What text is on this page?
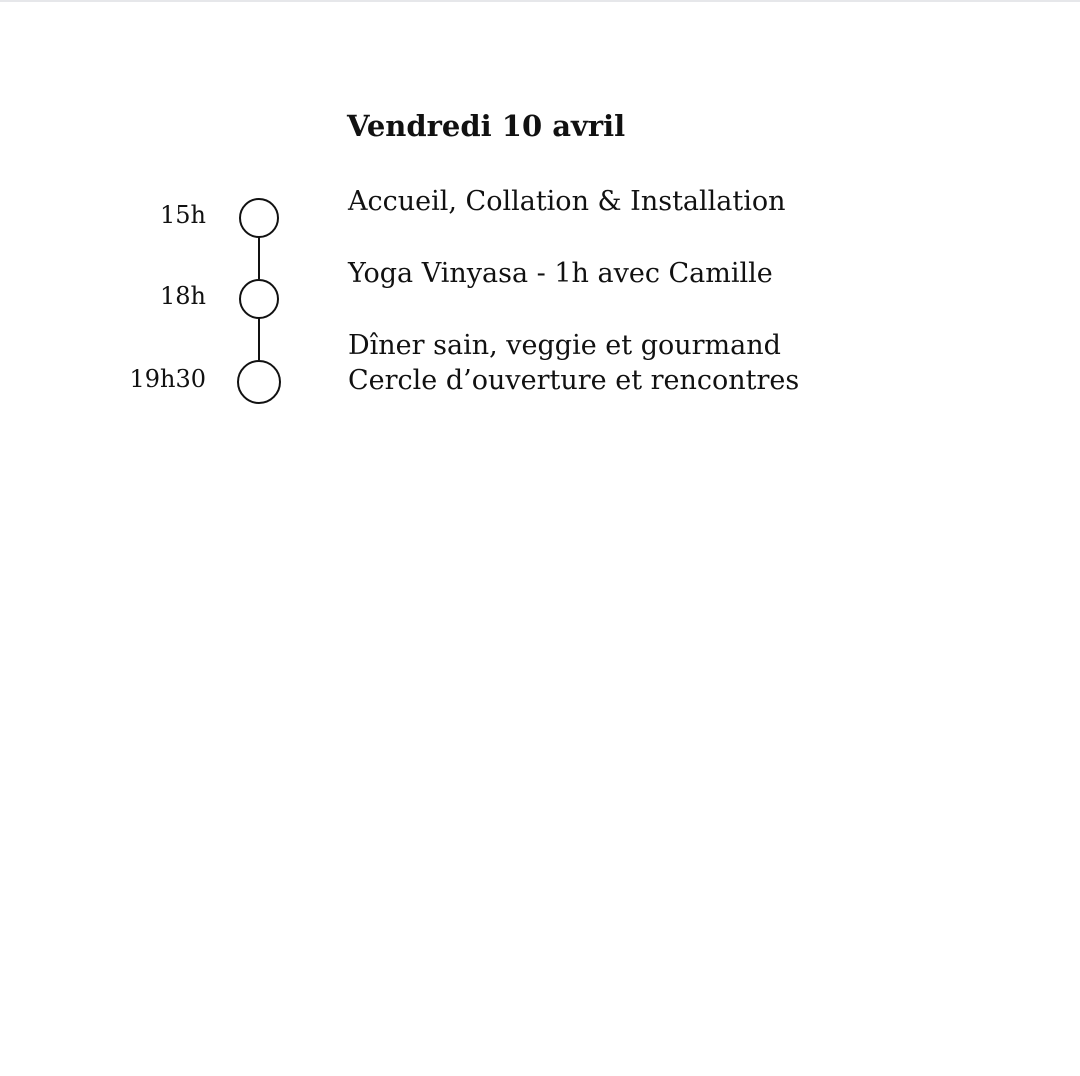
Vendredi 10 avril
15h
18h
19h30
Accueil, Collation & Installation
Yoga Vinyasa - 1h avec Camille
Dîner sain, veggie et gourmand
Cercle d’ouverture et rencontres
